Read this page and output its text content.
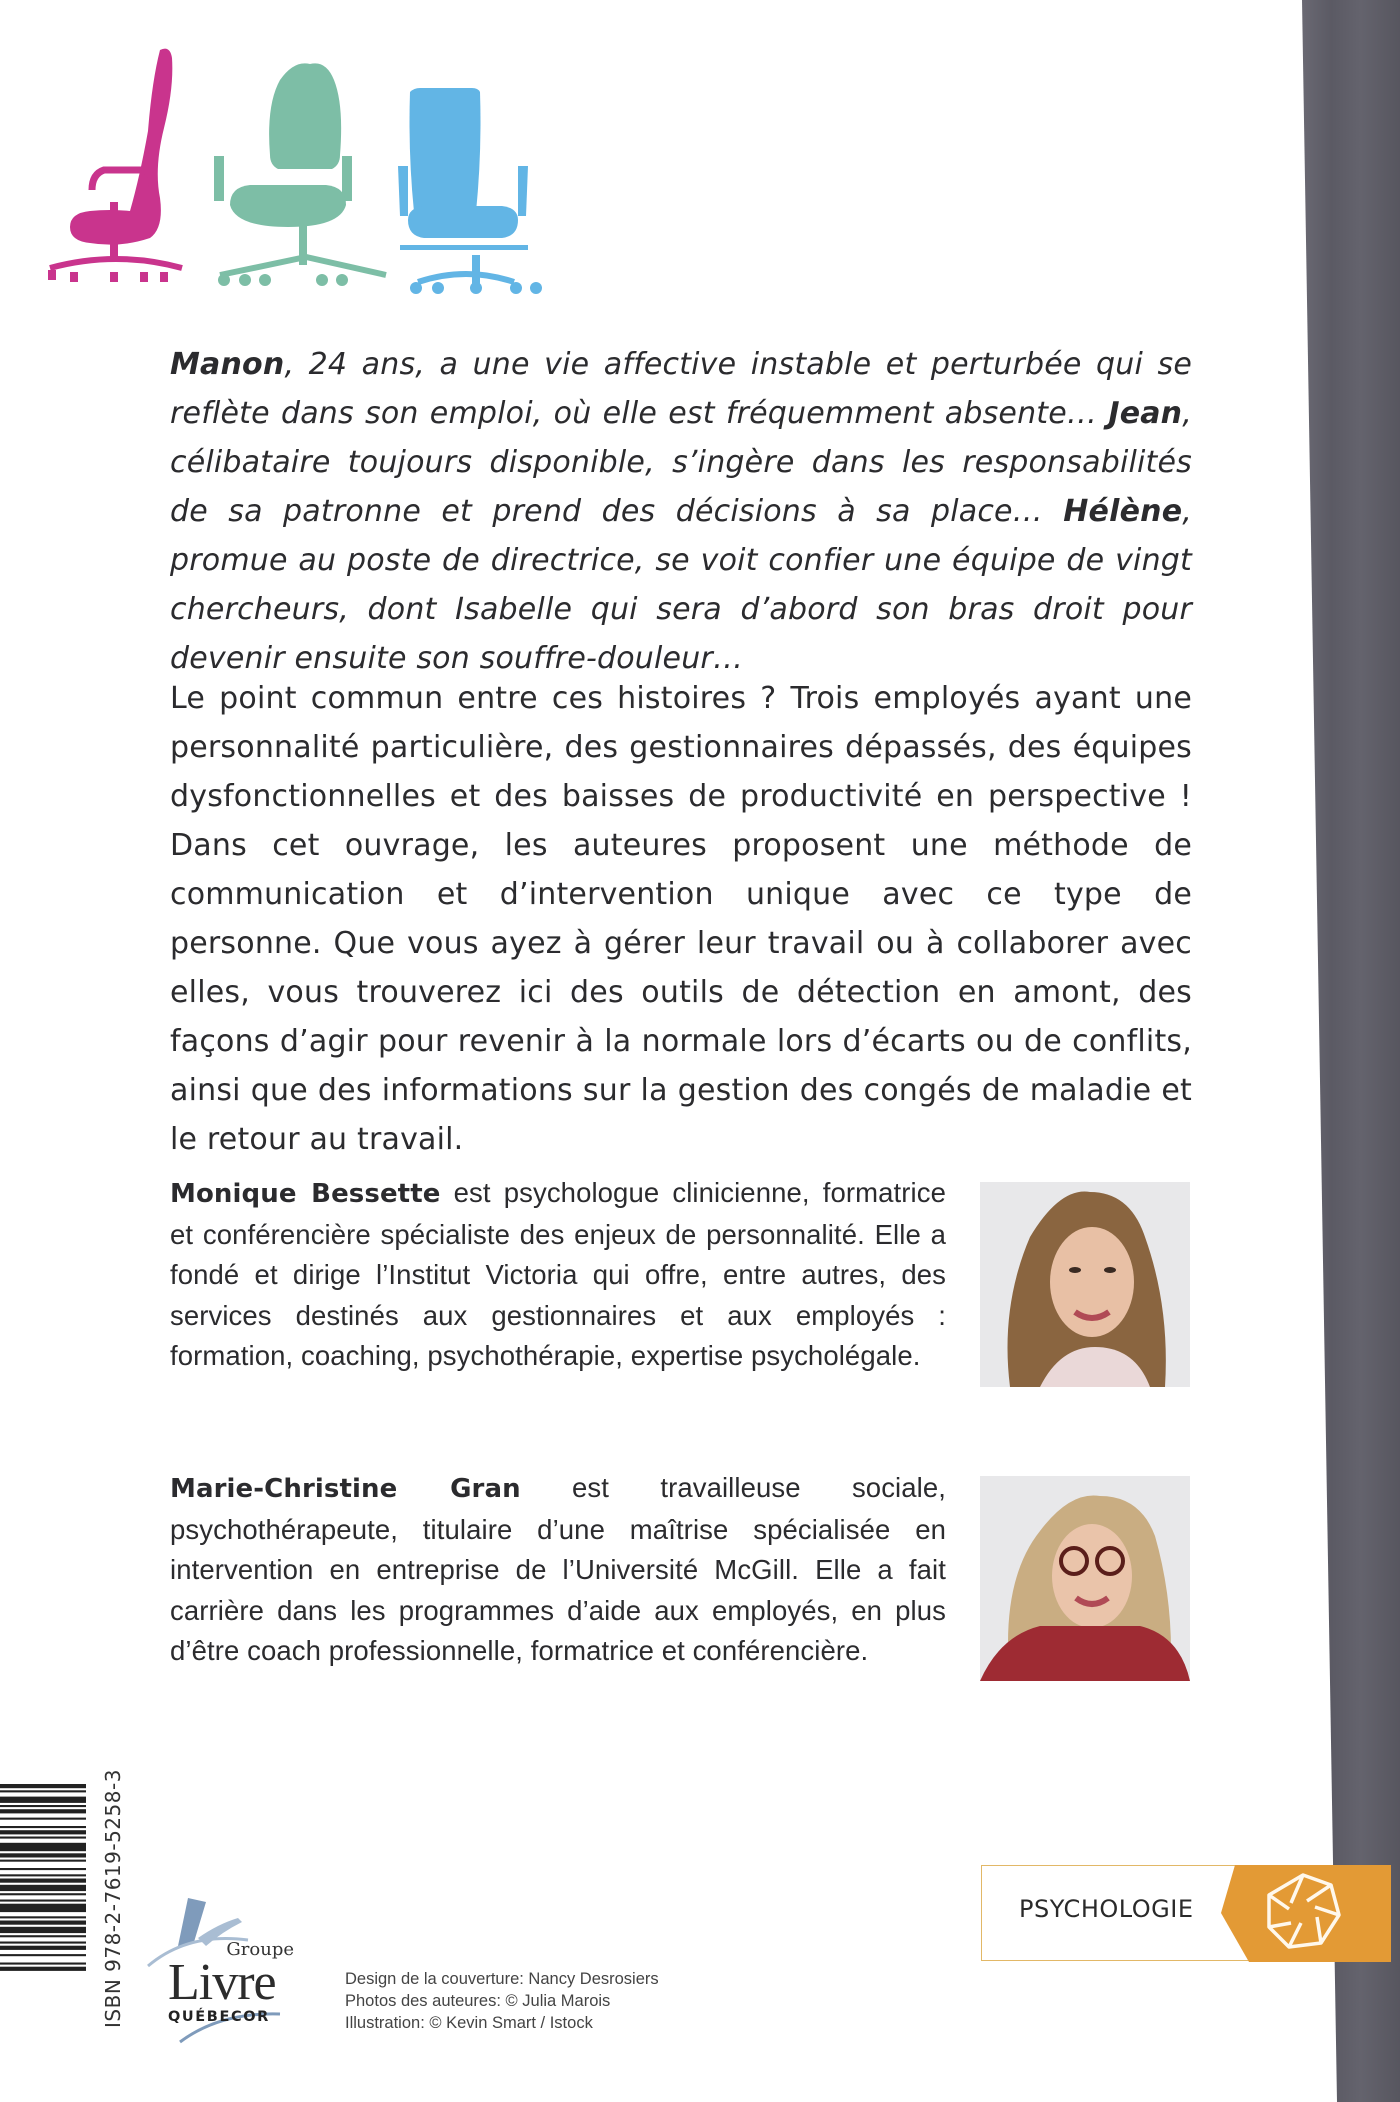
Manon, 24 ans, a une vie affective instable et perturbée qui se reflète dans son emploi, où elle est fréquemment absente… Jean, célibataire toujours disponible, s’ingère dans les responsabilités de sa patronne et prend des décisions à sa place… Hélène, promue au poste de directrice, se voit confier une équipe de vingt chercheurs, dont Isabelle qui sera d’abord son bras droit pour devenir ensuite son souffre-douleur…
Le point commun entre ces histoires ? Trois employés ayant une personnalité particulière, des gestionnaires dépassés, des équipes dysfonctionnelles et des baisses de productivité en perspective ! Dans cet ouvrage, les auteures proposent une méthode de communication et d’intervention unique avec ce type de personne. Que vous ayez à gérer leur travail ou à collaborer avec elles, vous trouverez ici des outils de détection en amont, des façons d’agir pour revenir à la normale lors d’écarts ou de conflits, ainsi que des informations sur la gestion des congés de maladie et le retour au travail.
Monique Bessette est psychologue clinicienne, formatrice et conférencière spécialiste des enjeux de personnalité. Elle a fondé et dirige l’Institut Victoria qui offre, entre autres, des services destinés aux gestionnaires et aux employés : formation, coaching, psychothérapie, expertise psycholégale.
Marie-Christine Gran est travailleuse sociale, psychothérapeute, titulaire d’une maîtrise spécialisée en intervention en entreprise de l’Université McGill. Elle a fait carrière dans les programmes d’aide aux employés, en plus d’être coach professionnelle, formatrice et conférencière.
ISBN 978-2-7619-5258-3	Groupe
Livre
QUÉBECOR
Design de la couverture: Nancy Desrosiers
Photos des auteures: © Julia Marois
Illustration: © Kevin Smart / Istock
PSYCHOLOGIE
